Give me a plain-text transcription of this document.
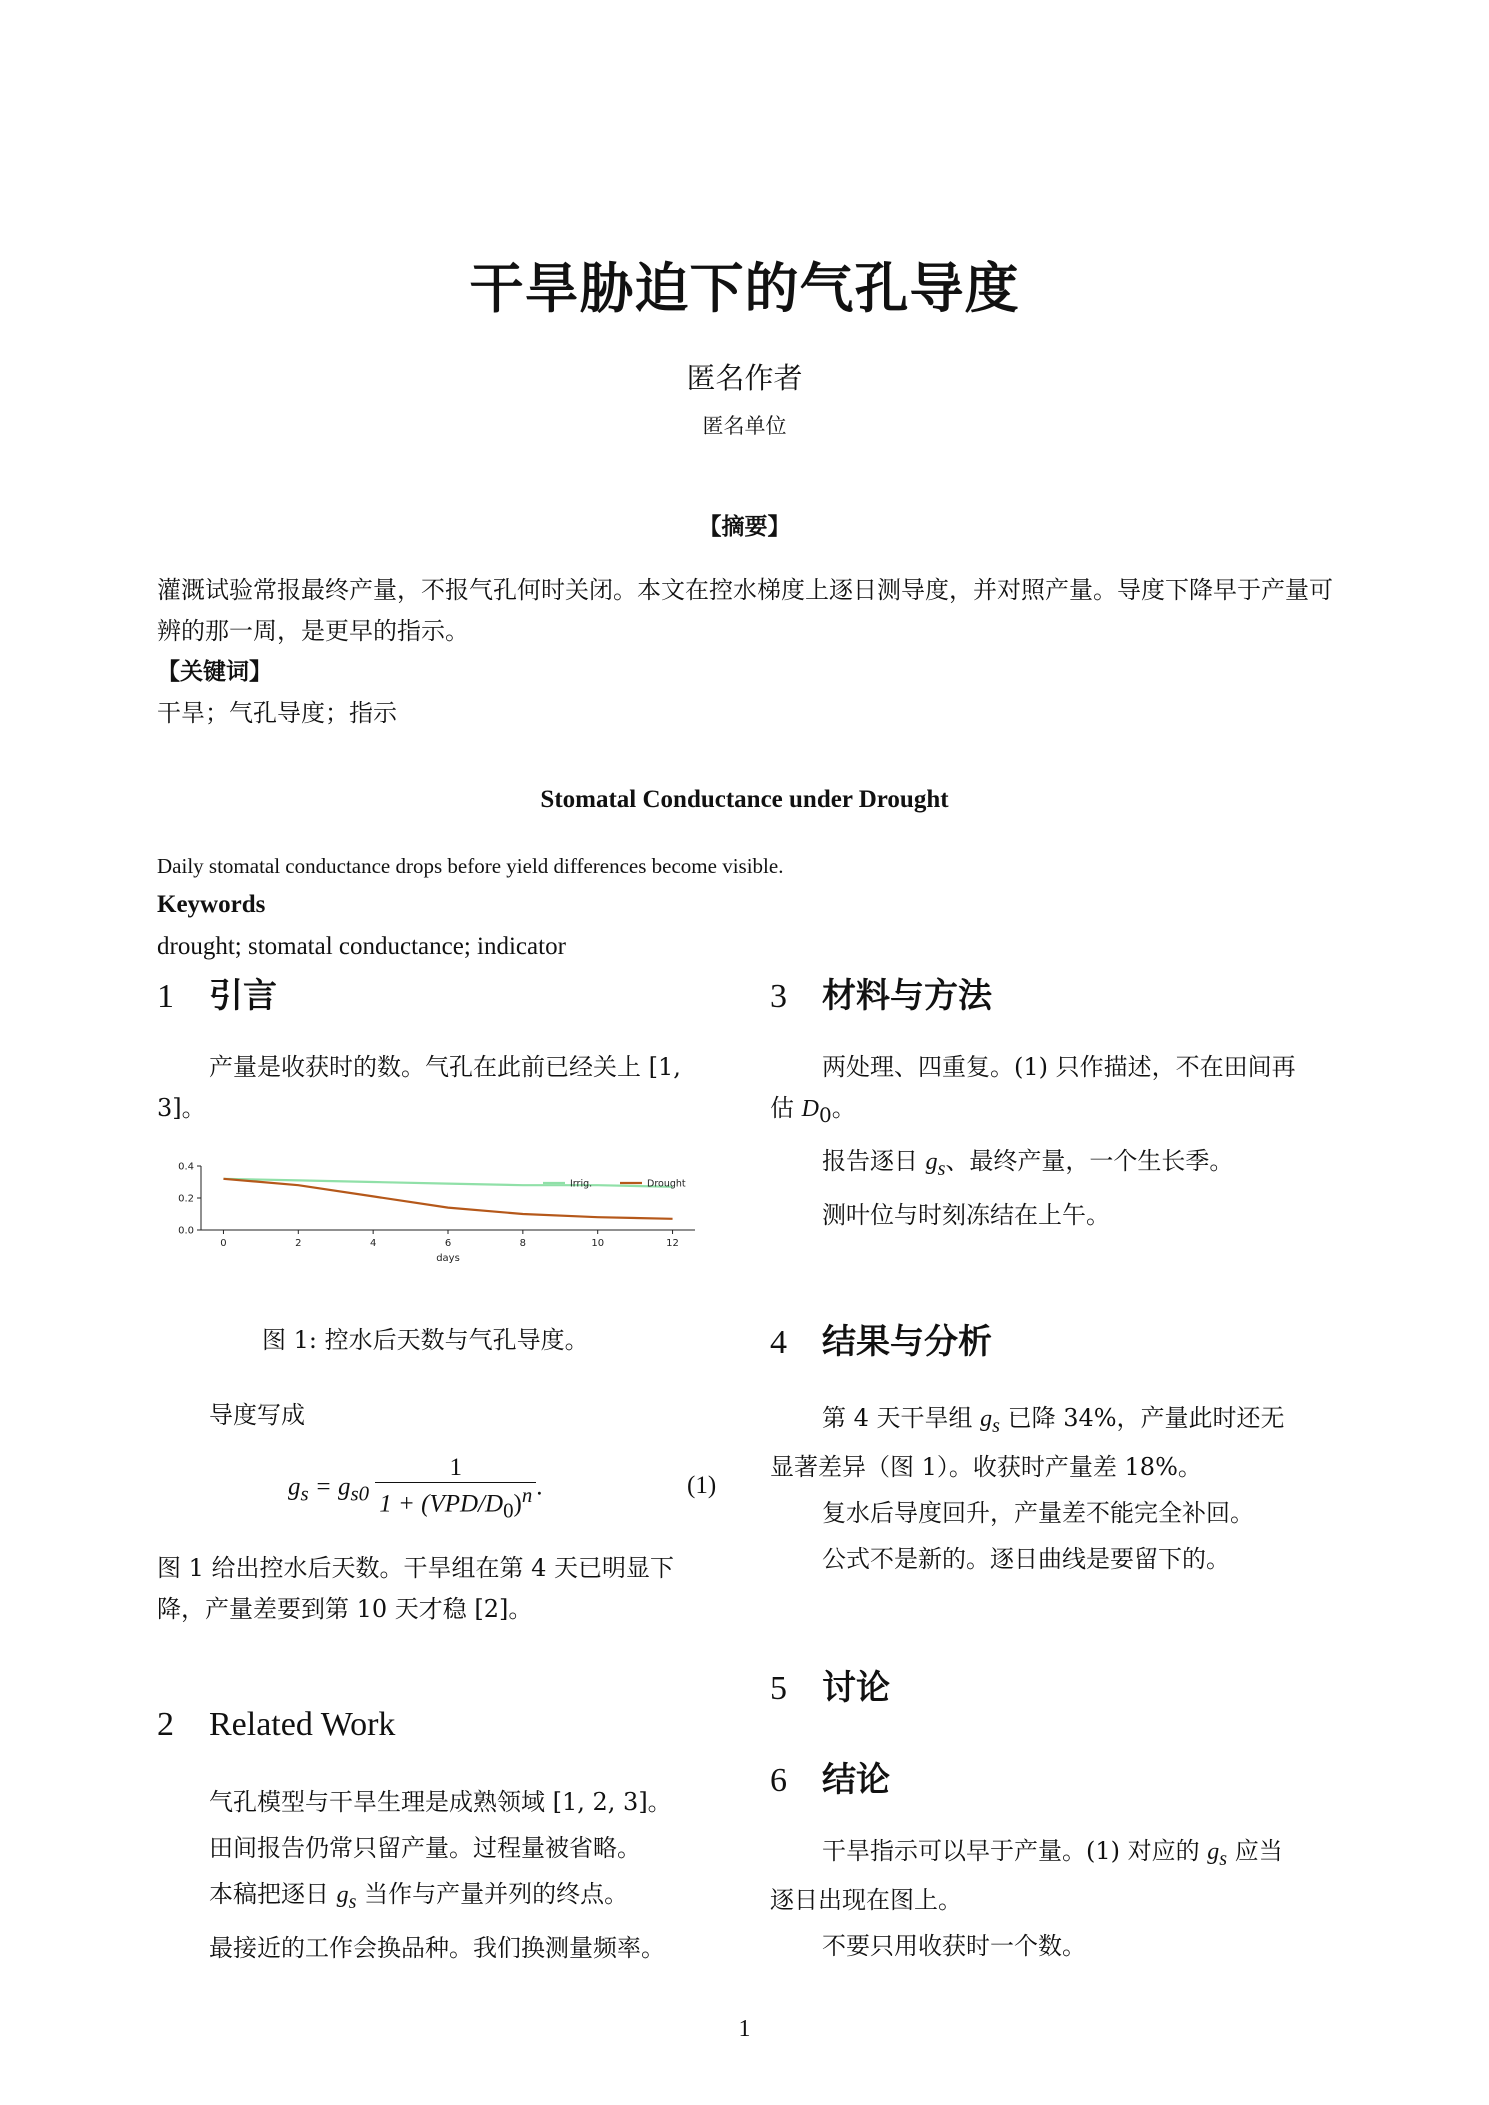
干旱胁迫下的气孔导度
匿名作者
匿名单位
【摘要】
灌溉试验常报最终产量，不报气孔何时关闭。本文在控水梯度上逐日测导度，并对照产量。导度下降早于产量可辨的那一周，是更早的指示。
【关键词】
干旱；气孔导度；指示
Stomatal Conductance under Drought
Daily stomatal conductance drops before yield differences become visible.
Keywords
drought; stomatal conductance; indicator
1 引言
产量是收获时的数。气孔在此前已经关上 [1,
3]。
0	2	4	6	8	10	12
0.0
0.2
0.4
days
Irrig.	Drought
图 1: 控水后天数与气孔导度。
导度写成
$g_s = g_{s0} \frac{1}{1 + (VPD/D_0)^n}$ .	(1)
图 1 给出控水后天数。干旱组在第 4 天已明显下
降，产量差要到第 10 天才稳 [2]。
2 Related Work
气孔模型与干旱生理是成熟领域 [1, 2, 3]。
田间报告仍常只留产量。过程量被省略。
本稿把逐日 $g_s$ 当作与产量并列的终点。
最接近的工作会换品种。我们换测量频率。
3 材料与方法
两处理、四重复。(1) 只作描述，不在田间再
估 $D_0$。
报告逐日 $g_s$、最终产量，一个生长季。
测叶位与时刻冻结在上午。
4 结果与分析
第 4 天干旱组 $g_s$ 已降 34%，产量此时还无
显著差异（图 1）。收获时产量差 18%。
复水后导度回升，产量差不能完全补回。
公式不是新的。逐日曲线是要留下的。
5 讨论
6 结论
干旱指示可以早于产量。(1) 对应的 $g_s$ 应当
逐日出现在图上。
不要只用收获时一个数。
1
